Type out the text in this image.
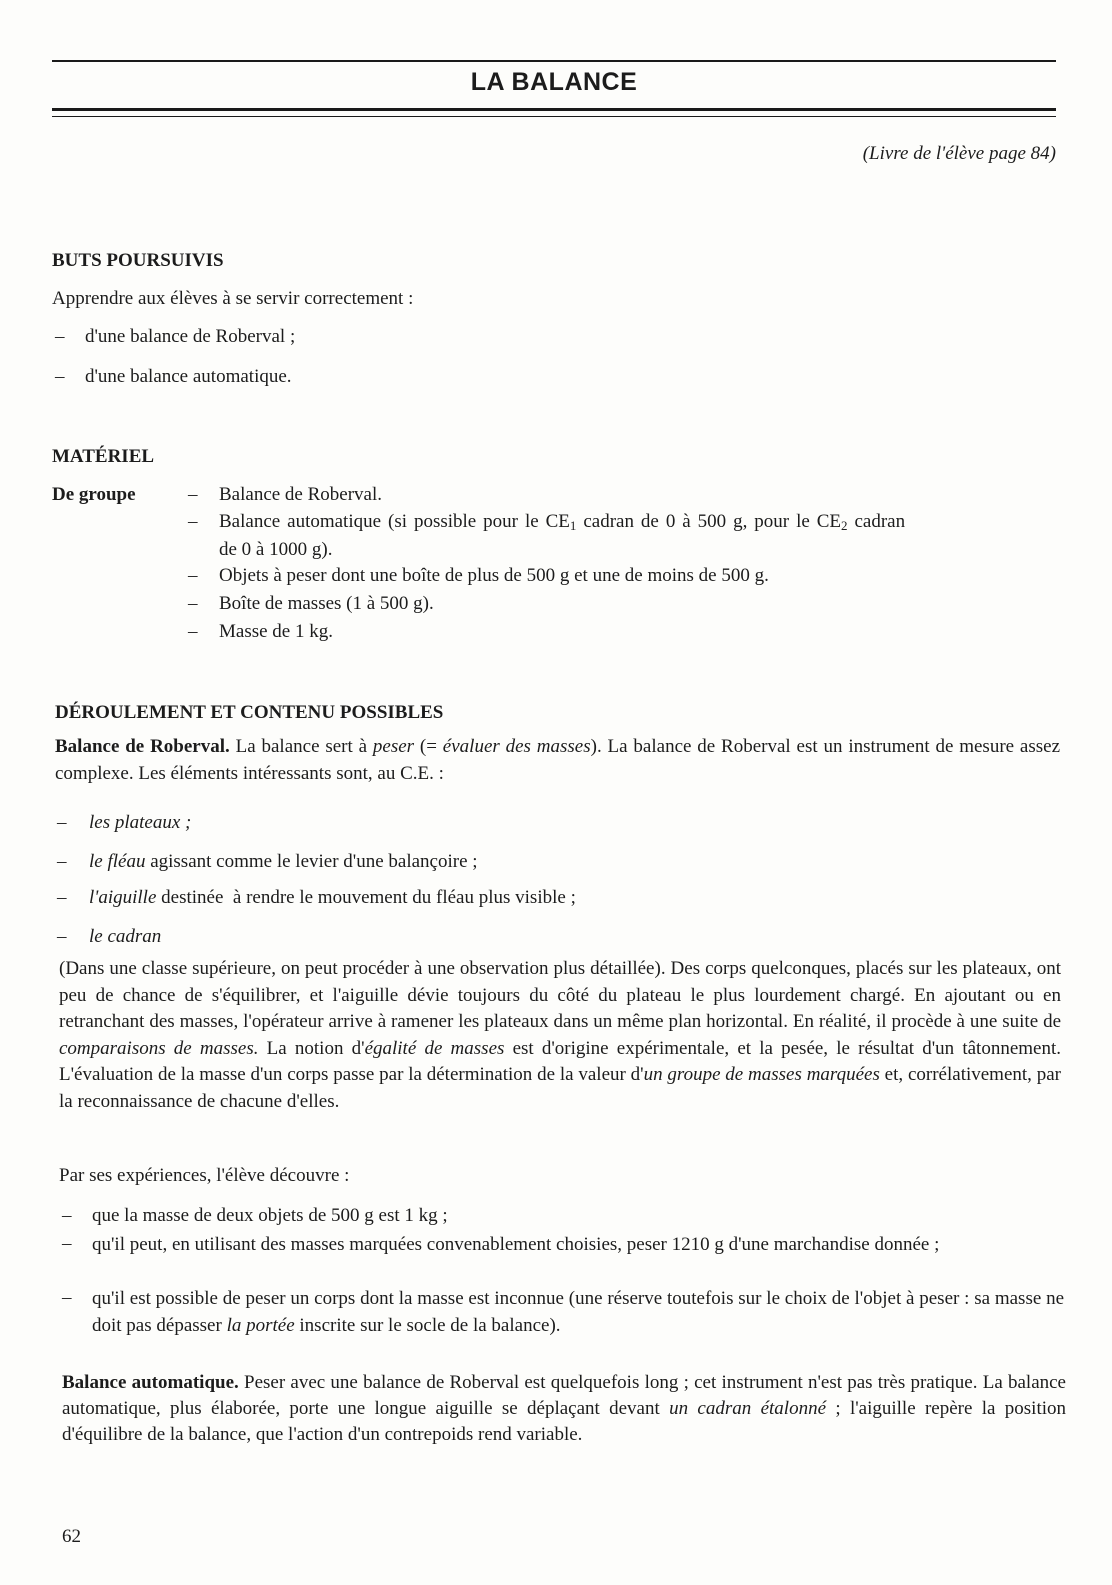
LA BALANCE
(Livre de l'élève page 84)
BUTS POURSUIVIS
Apprendre aux élèves à se servir correctement :
– d'une balance de Roberval ;
– d'une balance automatique.
MATÉRIEL
De groupe	– Balance de Roberval.
– Balance automatique (si possible pour le $CE_1$ cadran de 0 à 500 g, pour le $CE_2$ cadran
de 0 à 1000 g).
– Objets à peser dont une boîte de plus de 500 g et une de moins de 500 g.
– Boîte de masses (1 à 500 g).
– Masse de 1 kg.
DÉROULEMENT ET CONTENU POSSIBLES
Balance de Roberval. La balance sert à peser (= évaluer des masses). La balance de Roberval est un instrument de mesure assez complexe. Les éléments intéressants sont, au C.E. :
– les plateaux ;
– le fléau agissant comme le levier d'une balançoire ;
– l'aiguille destinée  à rendre le mouvement du fléau plus visible ;
– le cadran
(Dans une classe supérieure, on peut procéder à une observation plus détaillée). Des corps quelconques, placés sur les plateaux, ont peu de chance de s'équilibrer, et l'aiguille dévie toujours du côté du plateau le plus lourdement chargé. En ajoutant ou en retranchant des masses, l'opérateur arrive à ramener les plateaux dans un même plan horizontal. En réalité, il procède à une suite de comparaisons de masses. La notion d'égalité de masses est d'origine expérimentale, et la pesée, le résultat d'un tâtonnement. L'évaluation de la masse d'un corps passe par la détermination de la valeur d'un groupe de masses marquées et, corrélativement, par la reconnaissance de chacune d'elles.
Par ses expériences, l'élève découvre :
– que la masse de deux objets de 500 g est 1 kg ;
– qu'il peut, en utilisant des masses marquées convenablement choisies, peser 1210 g d'une marchandise donnée ;
– qu'il est possible de peser un corps dont la masse est inconnue (une réserve toutefois sur le choix de l'objet à peser : sa masse ne doit pas dépasser la portée inscrite sur le socle de la balance).
Balance automatique. Peser avec une balance de Roberval est quelquefois long ; cet instrument n'est pas très pratique. La balance automatique, plus élaborée, porte une longue aiguille se déplaçant devant un cadran étalonné ; l'aiguille repère la position d'équilibre de la balance, que l'action d'un contrepoids rend variable.
62
